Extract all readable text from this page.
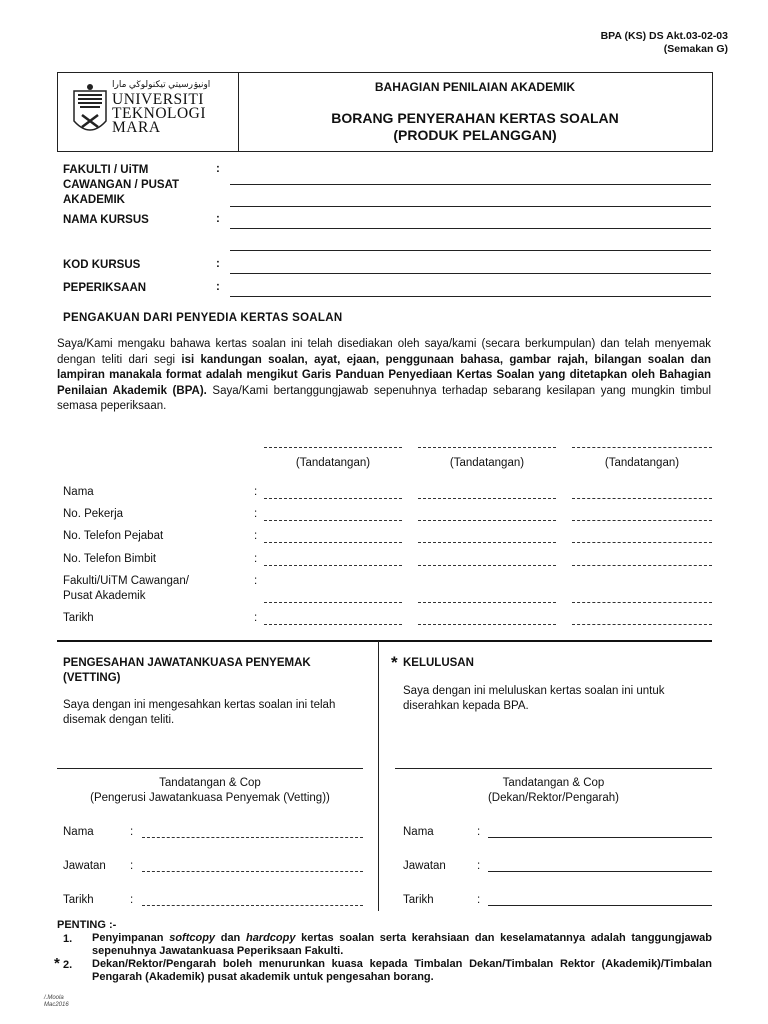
BPA (KS) DS Akt.03-02-03
(Semakan G)
اونيۏرسيتي تيكنولوڬي مارا
UNIVERSITI
TEKNOLOGI
MARA
BAHAGIAN PENILAIAN AKADEMIK
BORANG PENYERAHAN KERTAS SOALAN
(PRODUK PELANGGAN)
FAKULTI / UiTM
CAWANGAN / PUSAT
AKADEMIK
:
NAMA KURSUS	:
KOD KURSUS	:
PEPERIKSAAN	:
PENGAKUAN DARI PENYEDIA KERTAS SOALAN
Saya/Kami mengaku bahawa kertas soalan ini telah disediakan oleh saya/kami (secara berkumpulan) dan telah menyemak dengan teliti dari segi isi kandungan soalan, ayat, ejaan, penggunaan bahasa, gambar rajah, bilangan soalan dan lampiran manakala format adalah mengikut Garis Panduan Penyediaan Kertas Soalan yang ditetapkan oleh Bahagian Penilaian Akademik (BPA). Saya/Kami bertanggungjawab sepenuhnya terhadap sebarang kesilapan yang mungkin timbul semasa peperiksaan.
(Tandatangan)	(Tandatangan)	(Tandatangan)
Nama	:
No. Pekerja	:
No. Telefon Pejabat	:
No. Telefon Bimbit	:
Fakulti/UiTM Cawangan/
Pusat Akademik
:
Tarikh	:
PENGESAHAN JAWATANKUASA PENYEMAK
(VETTING)
Saya dengan ini mengesahkan kertas soalan ini telah disemak dengan teliti.
Tandatangan & Cop
(Pengerusi Jawatankuasa Penyemak (Vetting))
Nama	:
Jawatan :
Tarikh	:
* KELULUSAN
Saya dengan ini meluluskan kertas soalan ini untuk diserahkan kepada BPA.
Tandatangan & Cop
(Dekan/Rektor/Pengarah)
Nama	:
Jawatan	:
Tarikh	:
PENTING :-
1. Penyimpanan softcopy dan hardcopy kertas soalan serta kerahsiaan dan keselamatannya adalah tanggungjawab sepenuhnya Jawatankuasa Peperiksaan Fakulti.
* 2. Dekan/Rektor/Pengarah boleh menurunkan kuasa kepada Timbalan Dekan/Timbalan Rektor (Akademik)/Timbalan Pengarah (Akademik) pusat akademik untuk pengesahan borang.
/.Moola
Mac2016
